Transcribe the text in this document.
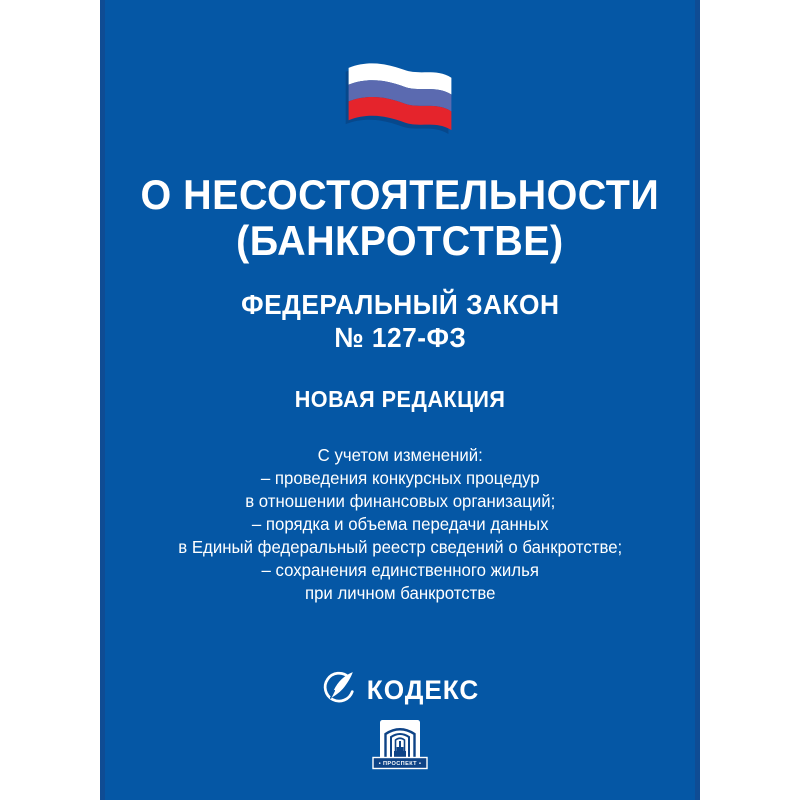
О НЕСОСТОЯТЕЛЬНОСТИ
(БАНКРОТСТВЕ)
ФЕДЕРАЛЬНЫЙ ЗАКОН
№ 127-ФЗ
НОВАЯ РЕДАКЦИЯ
С учетом изменений:
– проведения конкурсных процедур
в отношении финансовых организаций;
– порядка и объема передачи данных
в Единый федеральный реестр сведений о банкротстве;
– сохранения единственного жилья
при личном банкротстве
КОДЕКС
• ПРОСПЕКТ •
